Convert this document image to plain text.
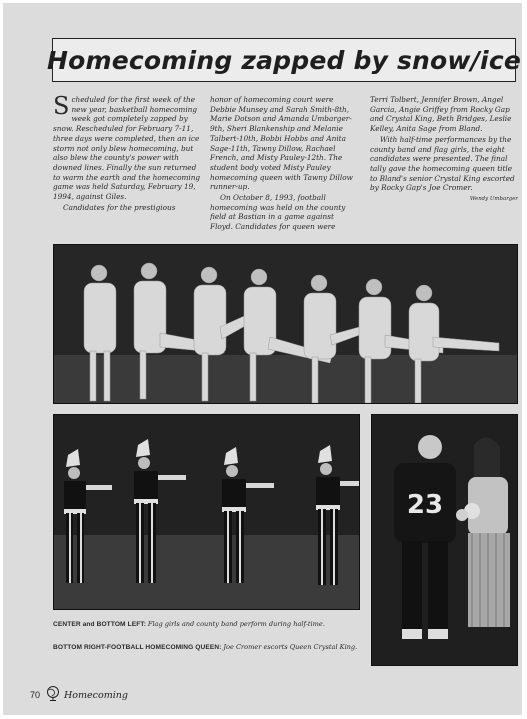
Homecoming zapped by snow/ice

Scheduled for the first week of the new year, basketball homecoming week got completely zapped by snow. Rescheduled for February 7-11, three days were completed, then an ice storm not only blew homecoming, but also blew the county's power with downed lines. Finally the sun returned to warm the earth and the homecoming game was held Saturday, February 19, 1994, against Giles.

Candidates for the prestigious

honor of homecoming court were Debbie Munsey and Sarah Smith-8th, Marie Dotson and Amanda Umbarger-9th, Sheri Blankenship and Melanie Talbert-10th, Bobbi Hobbs and Anita Sage-11th, Tawny Dillow, Rachael French, and Misty Pauley-12th. The student body voted Misty Pauley homecoming queen with Tawny Dillow runner-up.

On October 8, 1993, football homecoming was held on the county field at Bastian in a game against Floyd. Candidates for queen were

Terri Tolbert, Jennifer Brown, Angel Garcia, Angie Griffey from Rocky Gap and Crystal King, Beth Bridges, Leslie Kelley, Anita Sage from Bland.

With half-time performances by the county band and flag girls, the eight candidates were presented. The final tally gave the homecoming queen title to Bland's senior Crystal King escorted by Rocky Gap's Joe Cromer.

Wendy Umbarger
23
CENTER and BOTTOM LEFT: Flag girls and county band perform during half-time.
BOTTOM RIGHT-FOOTBALL HOMECOMING QUEEN: Joe Cromer escorts Queen Crystal King.
70	Homecoming
